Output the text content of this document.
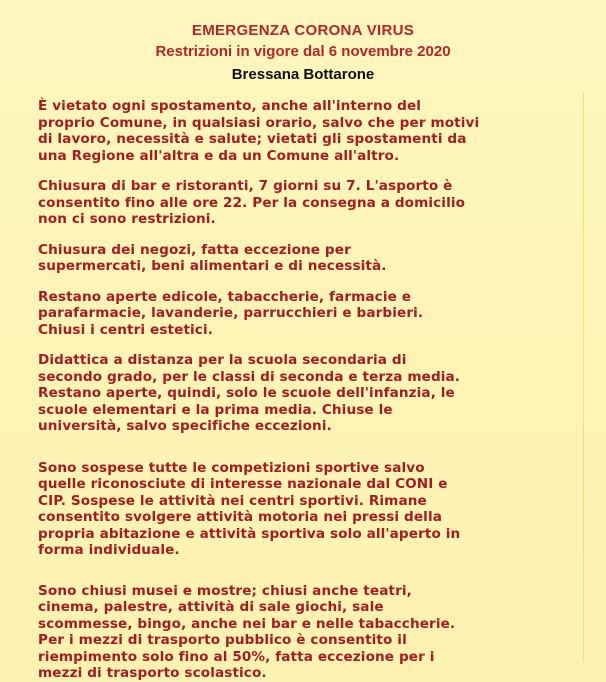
EMERGENZA CORONA VIRUS
Restrizioni in vigore dal 6 novembre 2020
Bressana Bottarone

È vietato ogni spostamento, anche all'interno del
proprio Comune, in qualsiasi orario, salvo che per motivi
di lavoro, necessità e salute; vietati gli spostamenti da
una Regione all'altra e da un Comune all'altro.

Chiusura di bar e ristoranti, 7 giorni su 7. L'asporto è
consentito fino alle ore 22. Per la consegna a domicilio
non ci sono restrizioni.

Chiusura dei negozi, fatta eccezione per
supermercati, beni alimentari e di necessità.

Restano aperte edicole, tabaccherie, farmacie e
parafarmacie, lavanderie, parrucchieri e barbieri.
Chiusi i centri estetici.

Didattica a distanza per la scuola secondaria di
secondo grado, per le classi di seconda e terza media.
Restano aperte, quindi, solo le scuole dell'infanzia, le
scuole elementari e la prima media. Chiuse le
università, salvo specifiche eccezioni.

Sono sospese tutte le competizioni sportive salvo
quelle riconosciute di interesse nazionale dal CONI e
CIP. Sospese le attività nei centri sportivi. Rimane
consentito svolgere attività motoria nei pressi della
propria abitazione e attività sportiva solo all'aperto in
forma individuale.

Sono chiusi musei e mostre; chiusi anche teatri,
cinema, palestre, attività di sale giochi, sale
scommesse, bingo, anche nei bar e nelle tabaccherie.
Per i mezzi di trasporto pubblico è consentito il
riempimento solo fino al 50%, fatta eccezione per i
mezzi di trasporto scolastico.
